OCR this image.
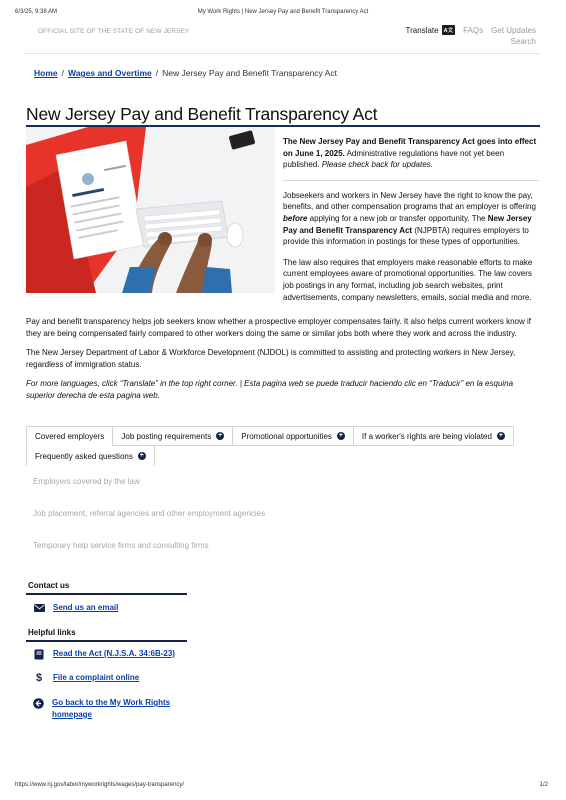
6/3/25, 9:38 AM	My Work Rights | New Jersey Pay and Benefit Transparency Act
OFFICIAL SITE OF THE STATE OF NEW JERSEY	Translate A文 FAQs Get Updates
Search
Home / Wages and Overtime / New Jersey Pay and Benefit Transparency Act
New Jersey Pay and Benefit Transparency Act

The New Jersey Pay and Benefit Transparency Act goes into effect on June 1, 2025. Administrative regulations have not yet been published. Please check back for updates.

Jobseekers and workers in New Jersey have the right to know the pay, benefits, and other compensation programs that an employer is offering before applying for a new job or transfer opportunity. The New Jersey Pay and Benefit Transparency Act (NJPBTA) requires employers to provide this information in postings for these types of opportunities.

The law also requires that employers make reasonable efforts to make current employees aware of promotional opportunities. The law covers job postings in any format, including job search websites, print advertisements, company newsletters, emails, social media and more.

Pay and benefit transparency helps job seekers know whether a prospective employer compensates fairly. It also helps current workers know if they are being compensated fairly compared to other workers doing the same or similar jobs both where they work and across the industry.

The New Jersey Department of Labor & Workforce Development (NJDOL) is committed to assisting and protecting workers in New Jersey, regardless of immigration status.

For more languages, click “Translate” in the top right corner. | Esta pagina web se puede traducir haciendo clic en “Traducir” en la esquina superior derecha de esta pagina web.

Covered employers Job posting requirements + Promotional opportunities + If a worker's rights are being violated +
Frequently asked questions +
Employers covered by the law
Job placement, referral agencies and other employment agencies
Temporary help service firms and consulting firms
Contact us
Send us an email
Helpful links
Read the Act (N.J.S.A. 34:6B-23)
$	File a complaint online
Go back to the My Work Rights homepage
https://www.nj.gov/labor/myworkrights/wages/pay-transparency/	1/2
